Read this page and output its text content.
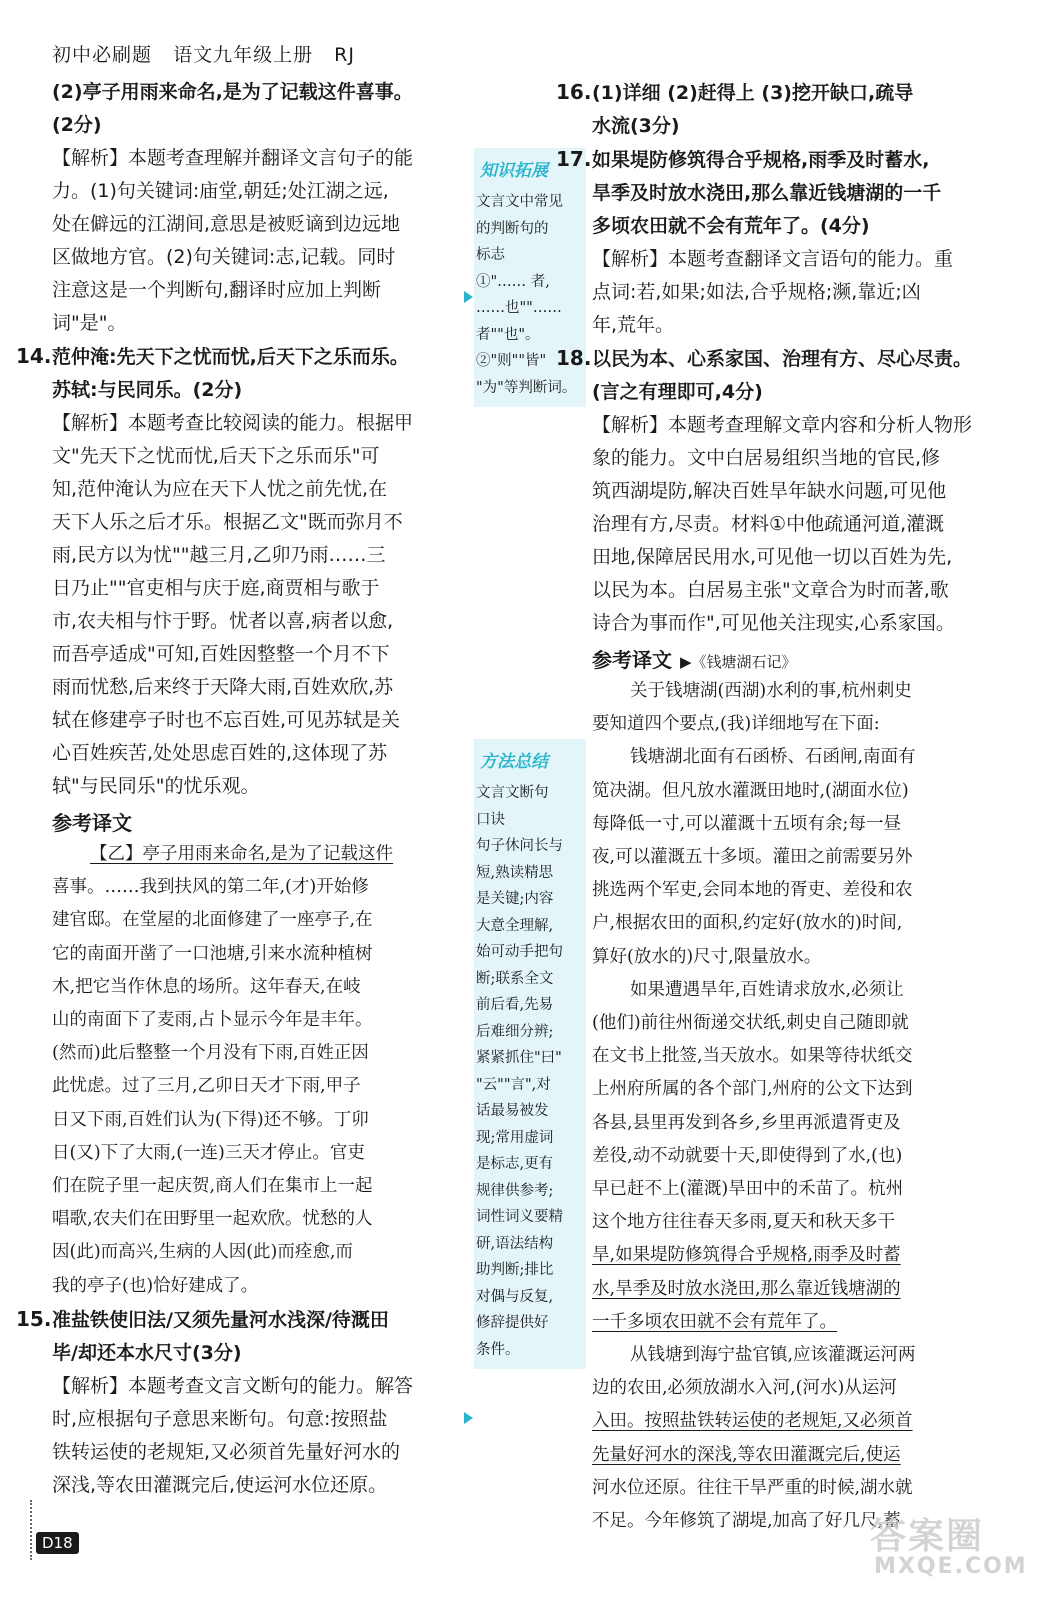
初中必刷题 语文九年级上册 RJ
(2)亭子用雨来命名,是为了记载这件喜事。
(2分)
【解析】本题考查理解并翻译文言句子的能
力。(1)句关键词:庙堂,朝廷;处江湖之远,
处在僻远的江湖间,意思是被贬谪到边远地
区做地方官。(2)句关键词:志,记载。同时
注意这是一个判断句,翻译时应加上判断
词"是"。
14.范仲淹:先天下之忧而忧,后天下之乐而乐。
苏轼:与民同乐。(2分)
【解析】本题考查比较阅读的能力。根据甲
文"先天下之忧而忧,后天下之乐而乐"可
知,范仲淹认为应在天下人忧之前先忧,在
天下人乐之后才乐。根据乙文"既而弥月不
雨,民方以为忧""越三月,乙卯乃雨……三
日乃止""官吏相与庆于庭,商贾相与歌于
市,农夫相与忭于野。忧者以喜,病者以愈,
而吾亭适成"可知,百姓因整整一个月不下
雨而忧愁,后来终于天降大雨,百姓欢欣,苏
轼在修建亭子时也不忘百姓,可见苏轼是关
心百姓疾苦,处处思虑百姓的,这体现了苏
轼"与民同乐"的忧乐观。
参考译文
【乙】亭子用雨来命名,是为了记载这件
喜事。……我到扶风的第二年,(才)开始修
建官邸。在堂屋的北面修建了一座亭子,在
它的南面开凿了一口池塘,引来水流种植树
木,把它当作休息的场所。这年春天,在岐
山的南面下了麦雨,占卜显示今年是丰年。
(然而)此后整整一个月没有下雨,百姓正因
此忧虑。过了三月,乙卯日天才下雨,甲子
日又下雨,百姓们认为(下得)还不够。丁卯
日(又)下了大雨,(一连)三天才停止。官吏
们在院子里一起庆贺,商人们在集市上一起
唱歌,农夫们在田野里一起欢欣。忧愁的人
因(此)而高兴,生病的人因(此)而痊愈,而
我的亭子(也)恰好建成了。
15.准盐铁使旧法/又须先量河水浅深/待溉田
毕/却还本水尺寸(3分)
【解析】本题考查文言文断句的能力。解答
时,应根据句子意思来断句。句意:按照盐
铁转运使的老规矩,又必须首先量好河水的
深浅,等农田灌溉完后,使运河水位还原。
知识拓展
文言文中常见
的判断句的
标志
①"…… 者,
……也""……
者""也"。
②"则""皆"
"为"等判断词。
方法总结
文言文断句
口诀
句子休问长与
短,熟读精思
是关键;内容
大意全理解,
始可动手把句
断;联系全文
前后看,先易
后难细分辨;
紧紧抓住"曰"
"云""言",对
话最易被发
现;常用虚词
是标志,更有
规律供参考;
词性词义要精
研,语法结构
助判断;排比
对偶与反复,
修辞提供好
条件。
16.(1)详细 (2)赶得上 (3)挖开缺口,疏导
水流(3分)
17.如果堤防修筑得合乎规格,雨季及时蓄水,
旱季及时放水浇田,那么靠近钱塘湖的一千
多顷农田就不会有荒年了。(4分)
【解析】本题考查翻译文言语句的能力。重
点词:若,如果;如法,合乎规格;濒,靠近;凶
年,荒年。
18.以民为本、心系家国、治理有方、尽心尽责。
(言之有理即可,4分)
【解析】本题考查理解文章内容和分析人物形
象的能力。文中白居易组织当地的官民,修
筑西湖堤防,解决百姓旱年缺水问题,可见他
治理有方,尽责。材料①中他疏通河道,灌溉
田地,保障居民用水,可见他一切以百姓为先,
以民为本。白居易主张"文章合为时而著,歌
诗合为事而作",可见他关注现实,心系家国。
参考译文 ▶《钱塘湖石记》
关于钱塘湖(西湖)水利的事,杭州刺史
要知道四个要点,(我)详细地写在下面:
钱塘湖北面有石函桥、石函闸,南面有
笕决湖。但凡放水灌溉田地时,(湖面水位)
每降低一寸,可以灌溉十五顷有余;每一昼
夜,可以灌溉五十多顷。灌田之前需要另外
挑选两个军吏,会同本地的胥吏、差役和农
户,根据农田的面积,约定好(放水的)时间,
算好(放水的)尺寸,限量放水。
如果遭遇旱年,百姓请求放水,必须让
(他们)前往州衙递交状纸,刺史自己随即就
在文书上批签,当天放水。如果等待状纸交
上州府所属的各个部门,州府的公文下达到
各县,县里再发到各乡,乡里再派遣胥吏及
差役,动不动就要十天,即使得到了水,(也)
早已赶不上(灌溉)旱田中的禾苗了。杭州
这个地方往往春天多雨,夏天和秋天多干
旱,如果堤防修筑得合乎规格,雨季及时蓄
水,旱季及时放水浇田,那么靠近钱塘湖的
一千多顷农田就不会有荒年了。
从钱塘到海宁盐官镇,应该灌溉运河两
边的农田,必须放湖水入河,(河水)从运河
入田。按照盐铁转运使的老规矩,又必须首
先量好河水的深浅,等农田灌溉完后,使运
河水位还原。往往干旱严重的时候,湖水就
不足。今年修筑了湖堤,加高了好几尺,蓄
D18	答案圈
MXQE.COM
